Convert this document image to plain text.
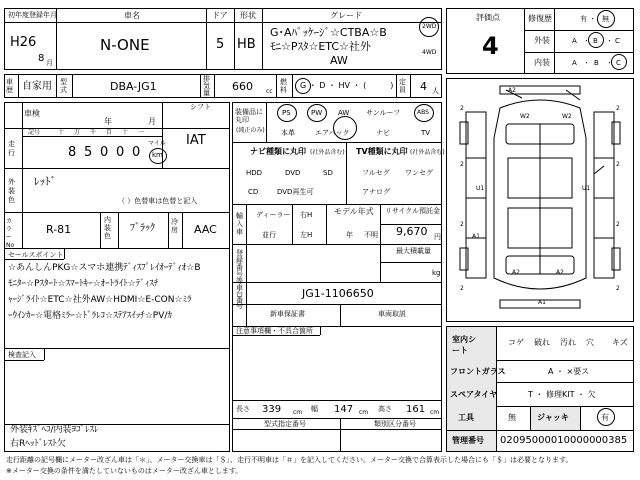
初年度登録年月	車名	ドア 形状	グレード
H26
8 月
N-ONE	5 HB
G･Aﾊﾟｯｹｰｼﾞ☆CTBA☆B
ﾓﾆ☆Pｽﾀ☆ETC☆社外
AW
2WD
4WD
車歴 自家用 型式	DBA-JG1
排気量 660 cc
燃料 G ・ D ・ HV ・ (　　　) 定員 4 人
車検
年	月
シフト
IAT
走行
記号	十 万 千 百 十 一
8 5 0 0 0
マイル
km
外装色
ﾚｯﾄﾞ
（ ）色替車は色替と記入
カラーNo
R-81
内装色
ﾌﾞﾗｯｸ
冷房 AAC
セールスポイント
☆あんしんPKG☆スマホ連携ﾃﾞｨｽﾌﾟﾚｲｵｰﾃﾞｨｵ☆B
ﾓﾆﾀｰ☆Pｽﾀｰﾄ☆ｽﾏｰﾄｷｰ☆ｵｰﾄﾗｲﾄ☆ﾃﾞｨｽﾁ
ｬｰｼﾞﾗｲﾄ☆ETC☆社外AW☆HDMI☆E-CON☆ﾐﾗ
ｰｳｲﾝｶｰ☆電格ﾐﾗｰ☆ﾄﾞﾗﾚｺ☆ｽﾃｱｽｲｯﾁ☆PV/ｶ
検査記入
外装ｷｽﾞﾍｺ/内装ﾖｺﾞﾚｽﾚ
右Rﾍｯﾄﾞﾚｽﾄ欠
装備品に丸印
(純正のみ)
PS	PW AW サンルーフ	ABS
本革	エアバック	ナビ	TV
ナビ種類に丸印 (社外品含む) TV種類に丸印 (社外品含む)
HDD	DVD	SD
CD	DVD再生可
フルセグ ワンセグ
アナログ
輸入車
ディーラー
並行
右H
左H
モデル年式
年 不明
リサイクル預託金
9,670 円
最大積載量
kg
登録番号等
車台番号
JG1-1106650
新車保証書	車両取説
注意事項欄・不具合箇所
長さ 339 cm 幅 147 cm 高さ 161 cm
型式指定番号	類別区分番号
評価点
4
修復歴	有 ・ 無
外装	A ・ B ・ C
内装	A ・ B ・ C
2	2
2	2
2	2
2	2
A2
W2	W2
U1	U1
A1
A2	A2
A1
室内シート
コゲ 破れ 汚れ 穴 キズ
フロントガラス	A ・ ×要ス
スペアタイヤ	T ・ 修理KIT ・ 欠
工具	無	ジャッキ	有
管理番号 02095000010000000385
走行距離の記号欄にメーター改ざん車は「＊」、メーター交換車は「＄」、走行不明車は「＃」を記入してください。メーター交換で合算表示した場合にも「＄」は必要となります。
※メーター交換の条件を満たしていないものはメーター改ざん車とします。
